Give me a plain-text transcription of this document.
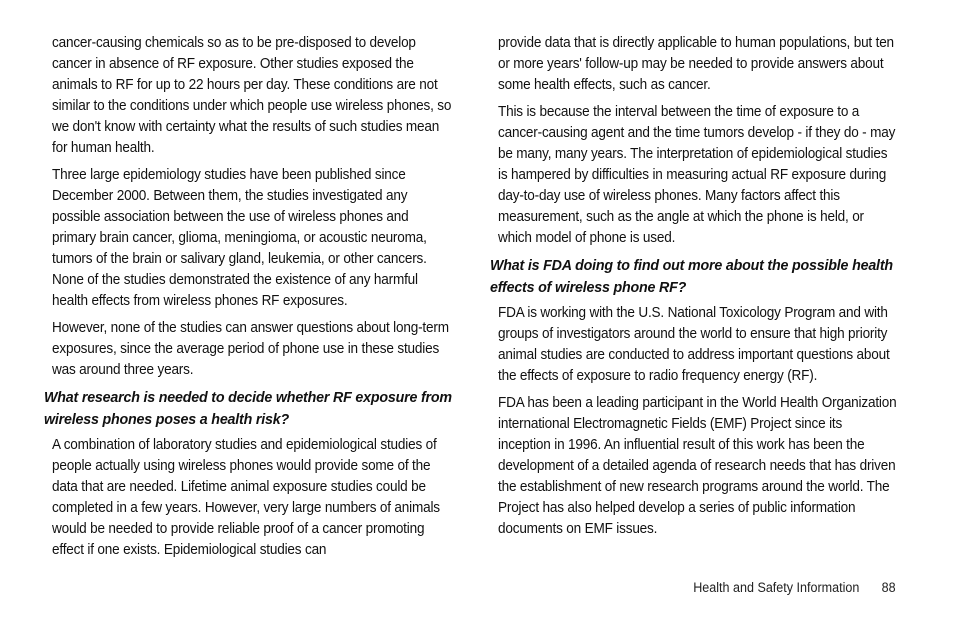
cancer-causing chemicals so as to be pre-disposed to develop cancer in absence of RF exposure. Other studies exposed the animals to RF for up to 22 hours per day. These conditions are not similar to the conditions under which people use wireless phones, so we don't know with certainty what the results of such studies mean for human health.

Three large epidemiology studies have been published since December 2000. Between them, the studies investigated any possible association between the use of wireless phones and primary brain cancer, glioma, meningioma, or acoustic neuroma, tumors of the brain or salivary gland, leukemia, or other cancers. None of the studies demonstrated the existence of any harmful health effects from wireless phones RF exposures.

However, none of the studies can answer questions about long-term exposures, since the average period of phone use in these studies was around three years.

What research is needed to decide whether RF exposure from wireless phones poses a health risk?

A combination of laboratory studies and epidemiological studies of people actually using wireless phones would provide some of the data that are needed. Lifetime animal exposure studies could be completed in a few years. However, very large numbers of animals would be needed to provide reliable proof of a cancer promoting effect if one exists. Epidemiological studies can

provide data that is directly applicable to human populations, but ten or more years' follow-up may be needed to provide answers about some health effects, such as cancer.

This is because the interval between the time of exposure to a cancer-causing agent and the time tumors develop - if they do - may be many, many years. The interpretation of epidemiological studies is hampered by difficulties in measuring actual RF exposure during day-to-day use of wireless phones. Many factors affect this measurement, such as the angle at which the phone is held, or which model of phone is used.

What is FDA doing to find out more about the possible health effects of wireless phone RF?

FDA is working with the U.S. National Toxicology Program and with groups of investigators around the world to ensure that high priority animal studies are conducted to address important questions about the effects of exposure to radio frequency energy (RF).

FDA has been a leading participant in the World Health Organization international Electromagnetic Fields (EMF) Project since its inception in 1996. An influential result of this work has been the development of a detailed agenda of research needs that has driven the establishment of new research programs around the world. The Project has also helped develop a series of public information documents on EMF issues.

Health and Safety Information 88
